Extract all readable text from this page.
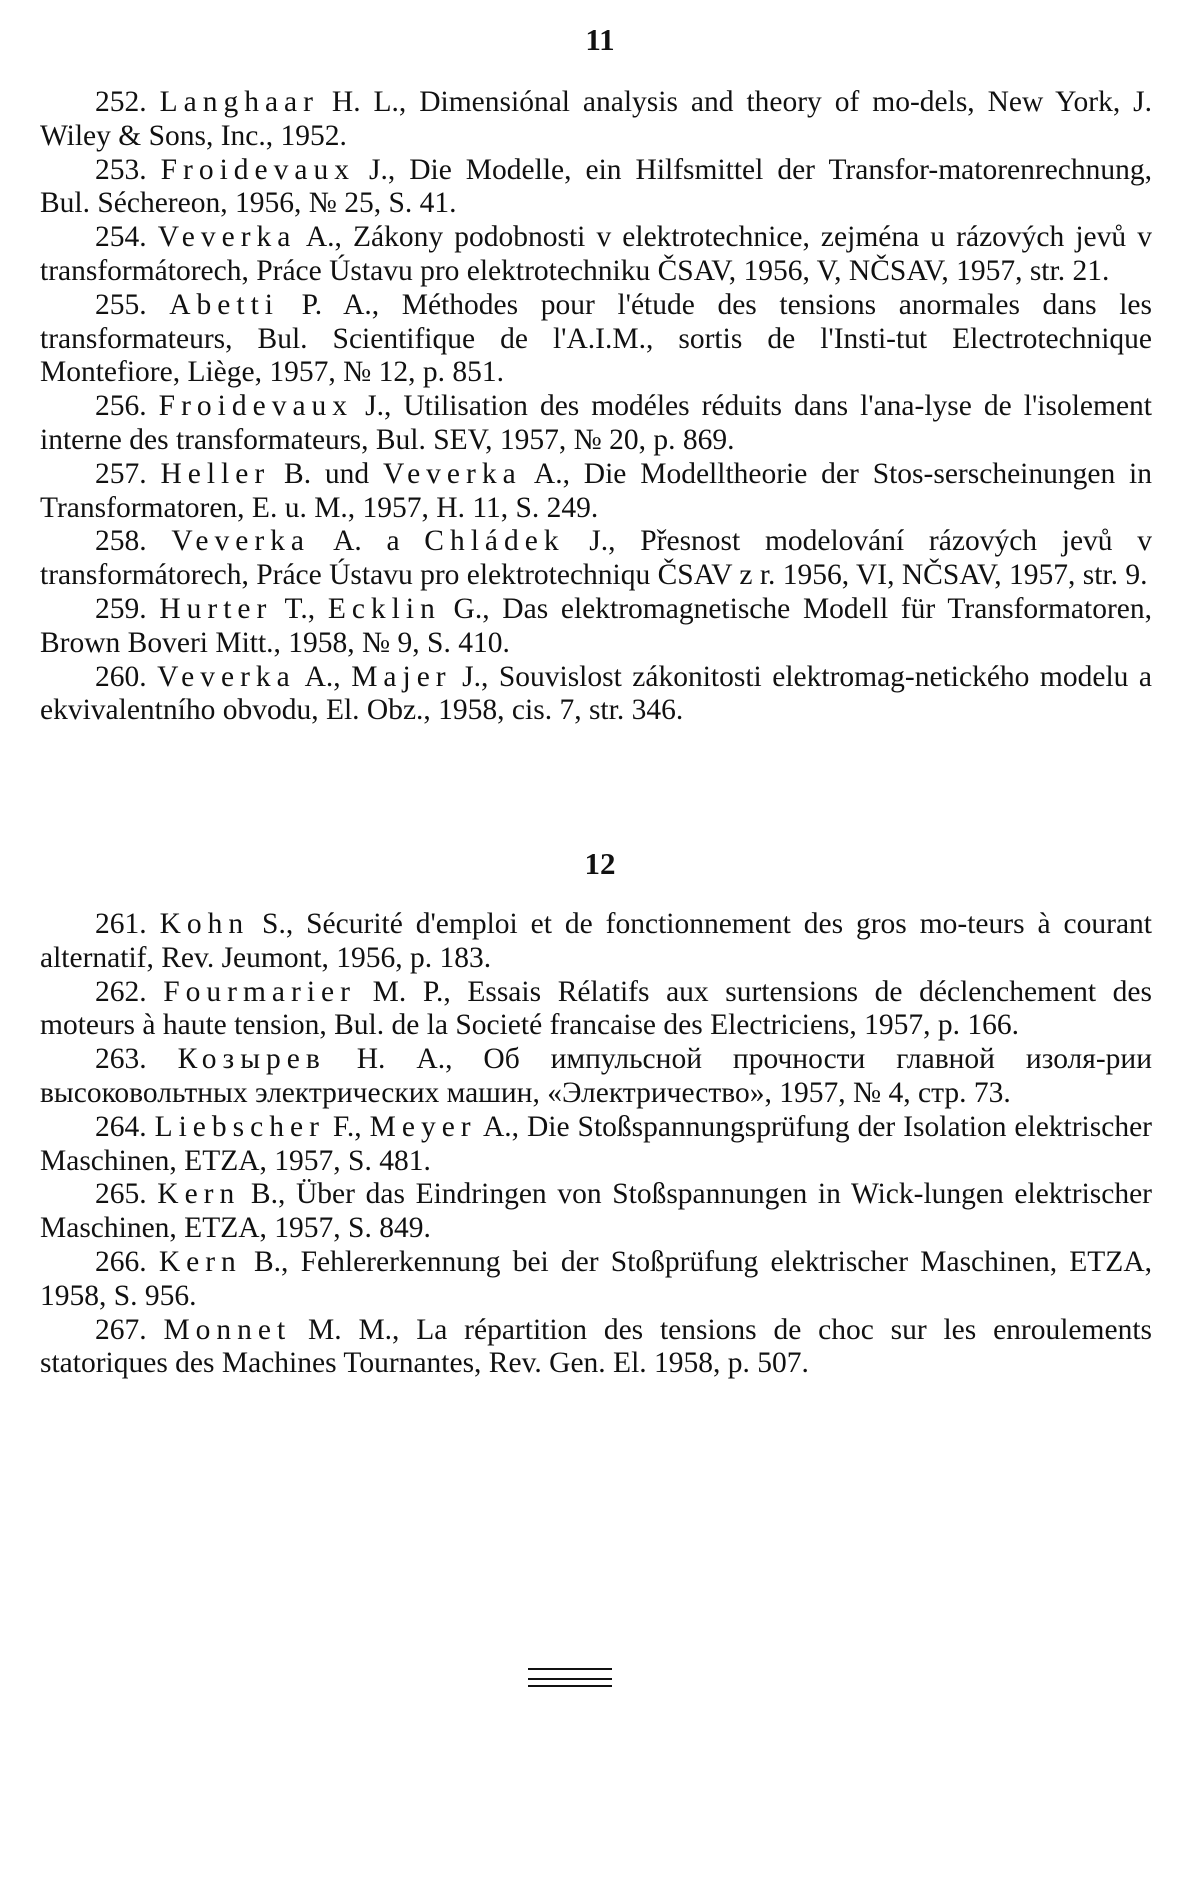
11

252. Langhaar H. L., Dimensiónal analysis and theory of mo-dels, New York, J. Wiley & Sons, Inc., 1952.

253. Froidevaux J., Die Modelle, ein Hilfsmittel der Transfor-matorenrechnung, Bul. Séchereon, 1956, № 25, S. 41.

254. Veverka A., Zákony podobnosti v elektrotechnice, zejména u rázových jevů v transformátorech, Práce Ústavu pro elektrotechniku ČSAV, 1956, V, NČSAV, 1957, str. 21.

255. Abetti P. A., Méthodes pour l'étude des tensions anormales dans les transformateurs, Bul. Scientifique de l'A.I.M., sortis de l'Insti-tut Electrotechnique Montefiore, Liège, 1957, № 12, p. 851.

256. Froidevaux J., Utilisation des modéles réduits dans l'ana-lyse de l'isolement interne des transformateurs, Bul. SEV, 1957, № 20, p. 869.

257. Heller B. und Veverka A., Die Modelltheorie der Stos-serscheinungen in Transformatoren, E. u. M., 1957, H. 11, S. 249.

258. Veverka A. a Chládek J., Přesnost modelování rázových jevů v transformátorech, Práce Ústavu pro elektrotechniqu ČSAV z r. 1956, VI, NČSAV, 1957, str. 9.

259. Hurter T., Ecklin G., Das elektromagnetische Modell für Transformatoren, Brown Boveri Mitt., 1958, № 9, S. 410.

260. Veverka A., Majer J., Souvislost zákonitosti elektromag-netického modelu a ekvivalentního obvodu, El. Obz., 1958, cis. 7, str. 346.

12

261. Kohn S., Sécurité d'emploi et de fonctionnement des gros mo-teurs à courant alternatif, Rev. Jeumont, 1956, p. 183.

262. Fourmarier M. P., Essais Rélatifs aux surtensions de déclenchement des moteurs à haute tension, Bul. de la Societé francaise des Electriciens, 1957, p. 166.

263. Козырев Н. А., Об импульсной прочности главной изоля-рии высоковольтных электрических машин, «Электричество», 1957, № 4, стр. 73.

264. Liebscher F., Meyer A., Die Stoßspannungsprüfung der Isolation elektrischer Maschinen, ETZA, 1957, S. 481.

265. Kern B., Über das Eindringen von Stoßspannungen in Wick-lungen elektrischer Maschinen, ETZA, 1957, S. 849.

266. Kern B., Fehlererkennung bei der Stoßprüfung elektrischer Maschinen, ETZA, 1958, S. 956.

267. Monnet M. M., La répartition des tensions de choc sur les enroulements statoriques des Machines Tournantes, Rev. Gen. El. 1958, p. 507.
